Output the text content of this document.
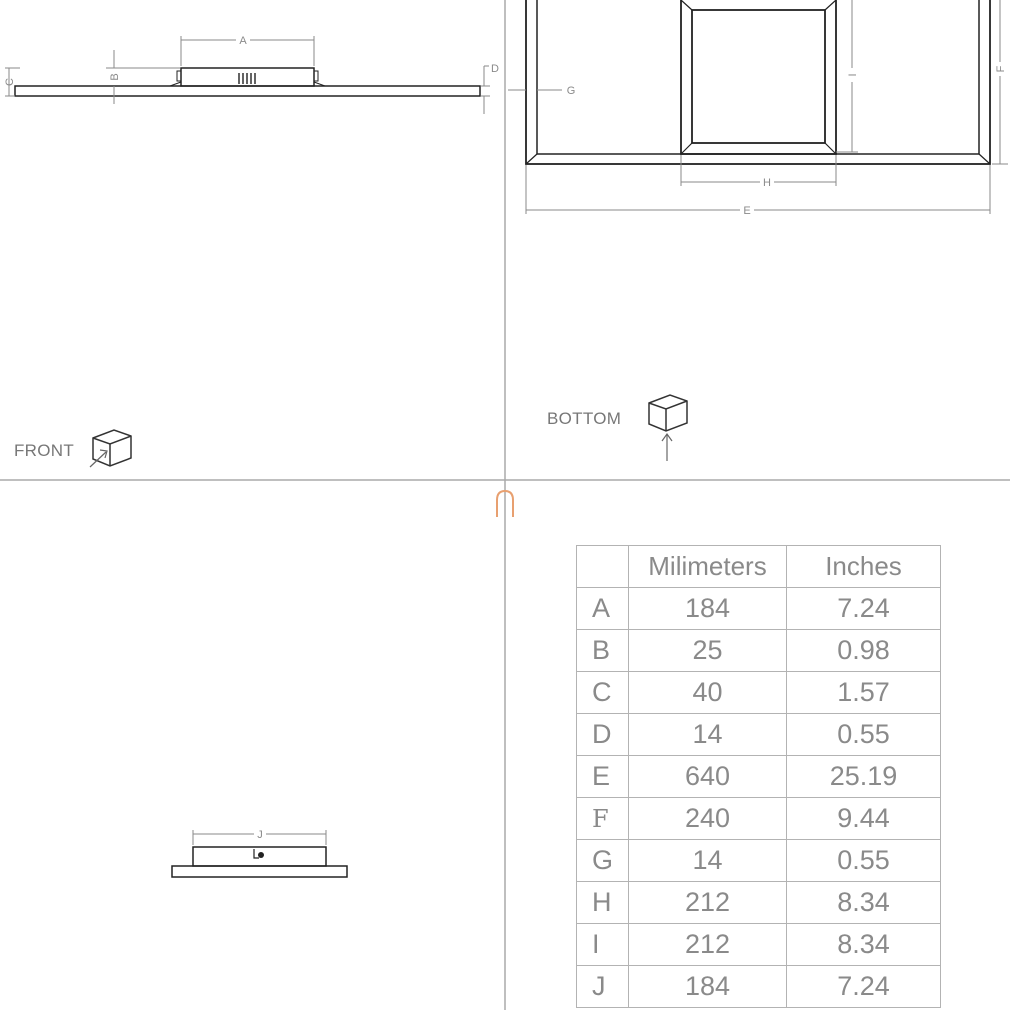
A
B
C
D
H
E
I
F
G
J
FRONT
BOTTOM
	Milimeters	Inches
A	184	7.24
B	25	0.98
C	40	1.57
D	14	0.55
E	640	25.19
F	240	9.44
G	14	0.55
H	212	8.34
I	212	8.34
J	184	7.24
